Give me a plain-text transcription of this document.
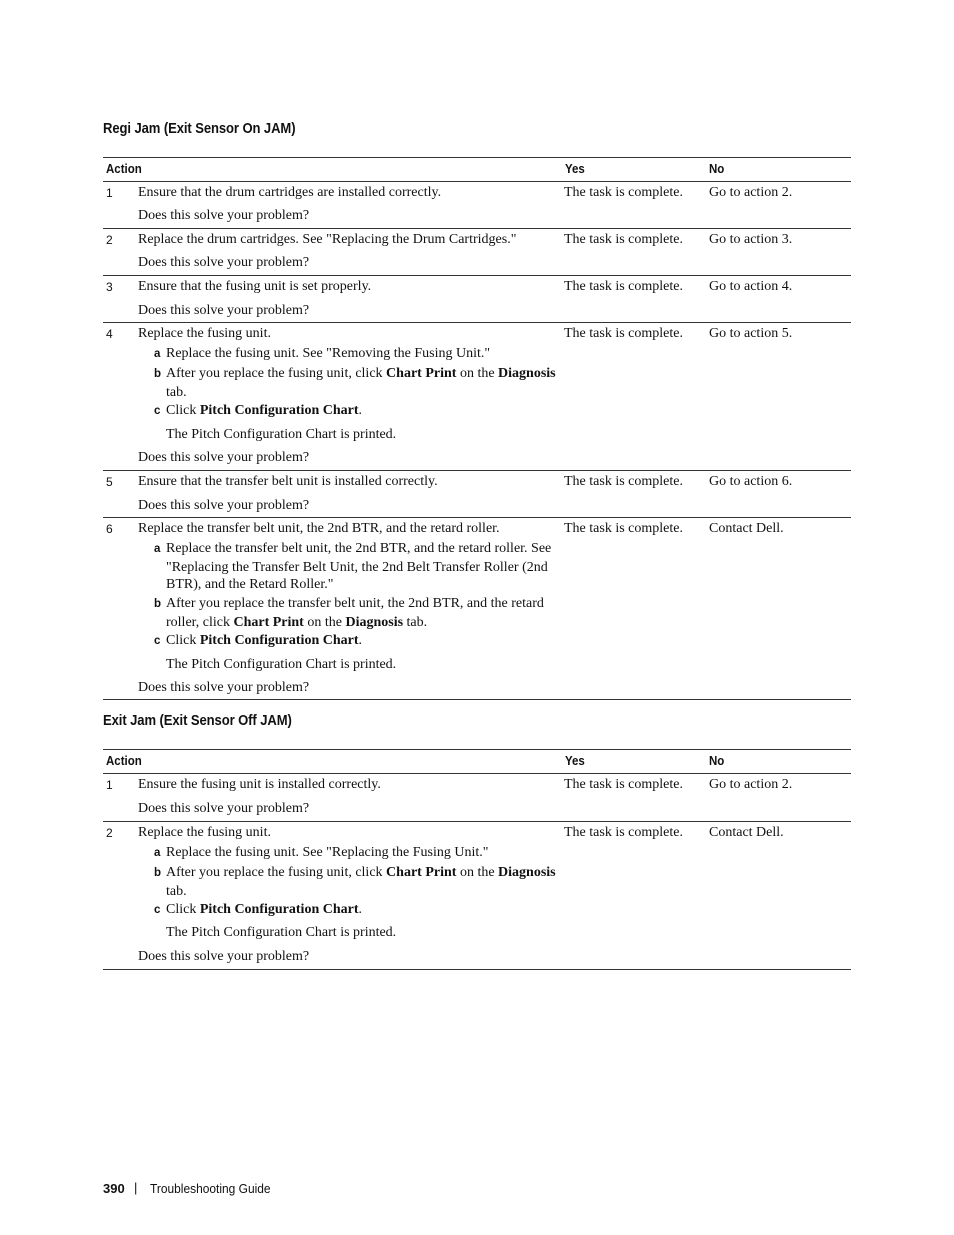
Regi Jam (Exit Sensor On JAM)
Action	Yes	No
1 Ensure that the drum cartridges are installed correctly.
Does this solve your problem?
The task is complete. Go to action 2.
2 Replace the drum cartridges. See "Replacing the Drum Cartridges."
Does this solve your problem?
The task is complete. Go to action 3.
3 Ensure that the fusing unit is set properly.
Does this solve your problem?
The task is complete. Go to action 4.
4 Replace the fusing unit.
a Replace the fusing unit. See "Removing the Fusing Unit."
b After you replace the fusing unit, click Chart Print on the Diagnosis tab.
c Click Pitch Configuration Chart.
The Pitch Configuration Chart is printed.
Does this solve your problem?
The task is complete. Go to action 5.
5 Ensure that the transfer belt unit is installed correctly.
Does this solve your problem?
The task is complete. Go to action 6.
6 Replace the transfer belt unit, the 2nd BTR, and the retard roller.
a Replace the transfer belt unit, the 2nd BTR, and the retard roller. See "Replacing the Transfer Belt Unit, the 2nd Belt Transfer Roller (2nd BTR), and the Retard Roller."
b After you replace the transfer belt unit, the 2nd BTR, and the retard roller, click Chart Print on the Diagnosis tab.
c Click Pitch Configuration Chart.
The Pitch Configuration Chart is printed.
Does this solve your problem?
The task is complete. Contact Dell.
Exit Jam (Exit Sensor Off JAM)
Action	Yes	No
1 Ensure the fusing unit is installed correctly.
Does this solve your problem?
The task is complete. Go to action 2.
2 Replace the fusing unit.
a Replace the fusing unit. See "Replacing the Fusing Unit."
b After you replace the fusing unit, click Chart Print on the Diagnosis tab.
c Click Pitch Configuration Chart.
The Pitch Configuration Chart is printed.
Does this solve your problem?
The task is complete. Contact Dell.
390 | Troubleshooting Guide
